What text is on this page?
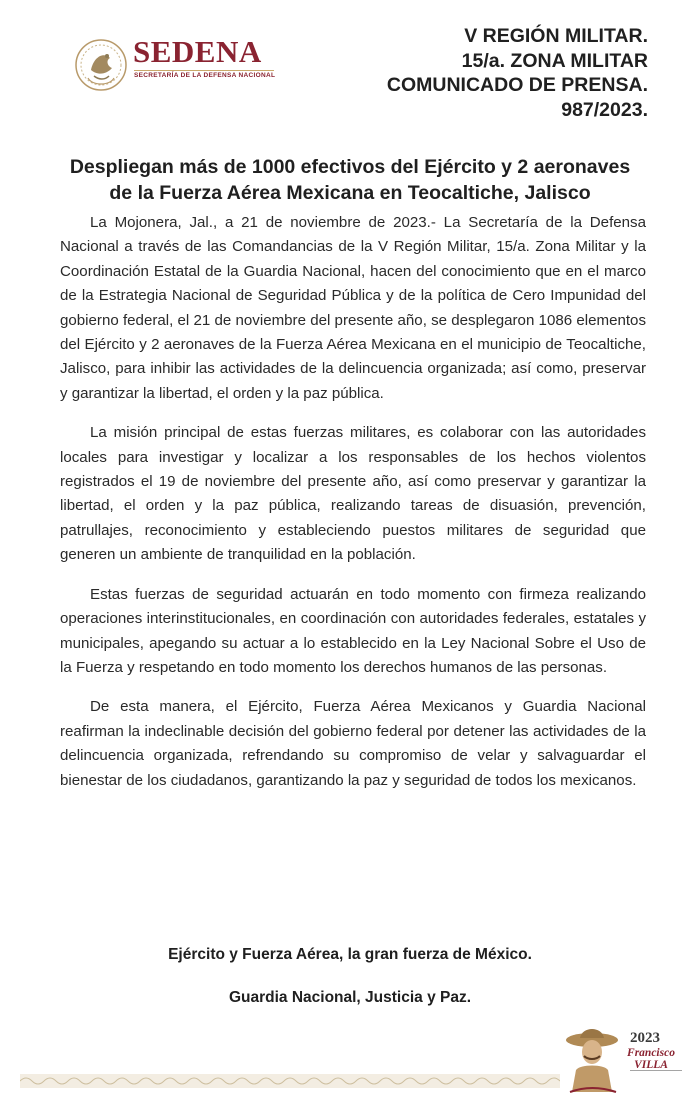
SEDENA
SECRETARÍA DE LA DEFENSA NACIONAL
V REGIÓN MILITAR.
15/a. ZONA MILITAR
COMUNICADO DE PRENSA.
987/2023.
Despliegan más de 1000 efectivos del Ejército y 2 aeronaves
de la Fuerza Aérea Mexicana en Teocaltiche, Jalisco

La Mojonera, Jal., a 21 de noviembre de 2023.- La Secretaría de la Defensa Nacional a través de las Comandancias de la V Región Militar, 15/a. Zona Militar y la Coordinación Estatal de la Guardia Nacional, hacen del conocimiento que en el marco de la Estrategia Nacional de Seguridad Pública y de la política de Cero Impunidad del gobierno federal, el 21 de noviembre del presente año, se desplegaron 1086 elementos del Ejército y 2 aeronaves de la Fuerza Aérea Mexicana en el municipio de Teocaltiche, Jalisco, para inhibir las actividades de la delincuencia organizada; así como, preservar y garantizar la libertad, el orden y la paz pública.

La misión principal de estas fuerzas militares, es colaborar con las autoridades locales para investigar y localizar a los responsables de los hechos violentos registrados el 19 de noviembre del presente año, así como preservar y garantizar la libertad, el orden y la paz pública, realizando tareas de disuasión, prevención, patrullajes, reconocimiento y estableciendo puestos militares de seguridad que generen un ambiente de tranquilidad en la población.

Estas fuerzas de seguridad actuarán en todo momento con firmeza realizando operaciones interinstitucionales, en coordinación con autoridades federales, estatales y municipales, apegando su actuar a lo establecido en la Ley Nacional Sobre el Uso de la Fuerza y respetando en todo momento los derechos humanos de las personas.

De esta manera, el Ejército, Fuerza Aérea Mexicanos y Guardia Nacional reafirman la indeclinable decisión del gobierno federal por detener las actividades de la delincuencia organizada, refrendando su compromiso de velar y salvaguardar el bienestar de los ciudadanos, garantizando la paz y seguridad de todos los mexicanos.

Ejército y Fuerza Aérea, la gran fuerza de México.
Guardia Nacional, Justicia y Paz.
2023
Francisco VILLA
